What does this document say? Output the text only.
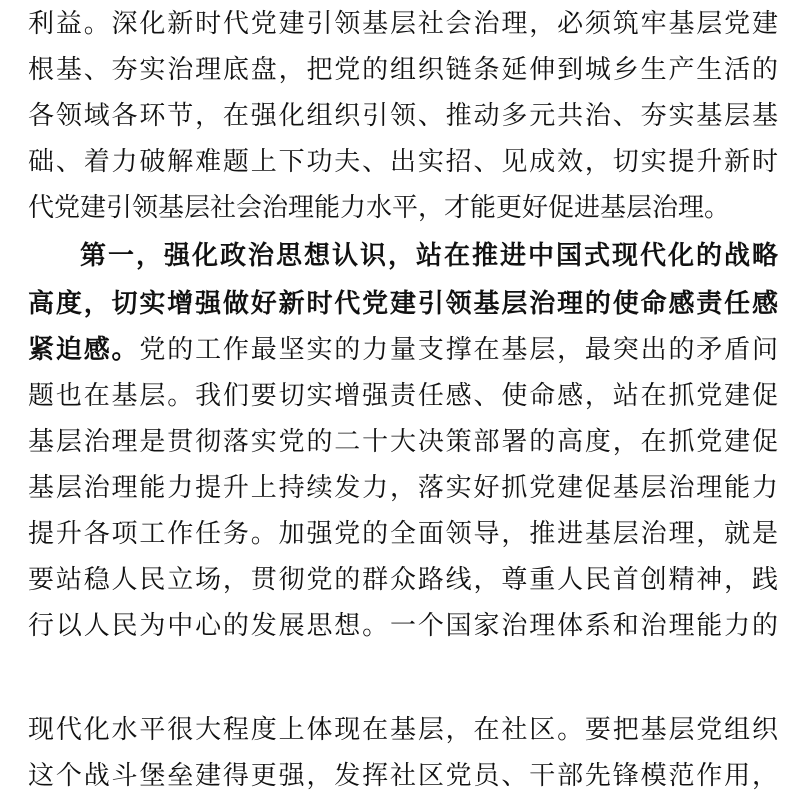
利益。深化新时代党建引领基层社会治理，必须筑牢基层党建
根基、夯实治理底盘，把党的组织链条延伸到城乡生产生活的
各领域各环节，在强化组织引领、推动多元共治、夯实基层基
础、着力破解难题上下功夫、出实招、见成效，切实提升新时
代党建引领基层社会治理能力水平，才能更好促进基层治理。
第一，强化政治思想认识，站在推进中国式现代化的战略
高度，切实增强做好新时代党建引领基层治理的使命感责任感
紧迫感。党的工作最坚实的力量支撑在基层，最突出的矛盾问
题也在基层。我们要切实增强责任感、使命感，站在抓党建促
基层治理是贯彻落实党的二十大决策部署的高度，在抓党建促
基层治理能力提升上持续发力，落实好抓党建促基层治理能力
提升各项工作任务。加强党的全面领导，推进基层治理，就是
要站稳人民立场，贯彻党的群众路线，尊重人民首创精神，践
行以人民为中心的发展思想。一个国家治理体系和治理能力的
现代化水平很大程度上体现在基层，在社区。要把基层党组织
这个战斗堡垒建得更强，发挥社区党员、干部先锋模范作用，
